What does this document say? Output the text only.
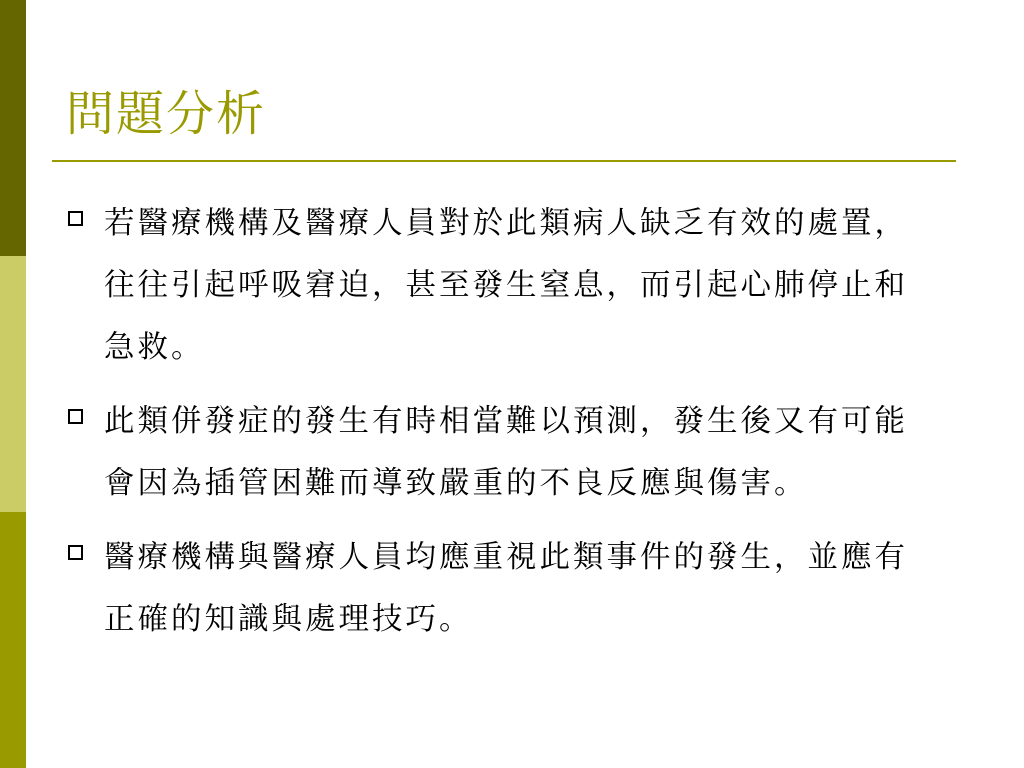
問題分析
若醫療機構及醫療人員對於此類病人缺乏有效的處置，往往引起呼吸窘迫，甚至發生窒息，而引起心肺停止和急救。
此類併發症的發生有時相當難以預測，發生後又有可能會因為插管困難而導致嚴重的不良反應與傷害。
醫療機構與醫療人員均應重視此類事件的發生，並應有正確的知識與處理技巧。
